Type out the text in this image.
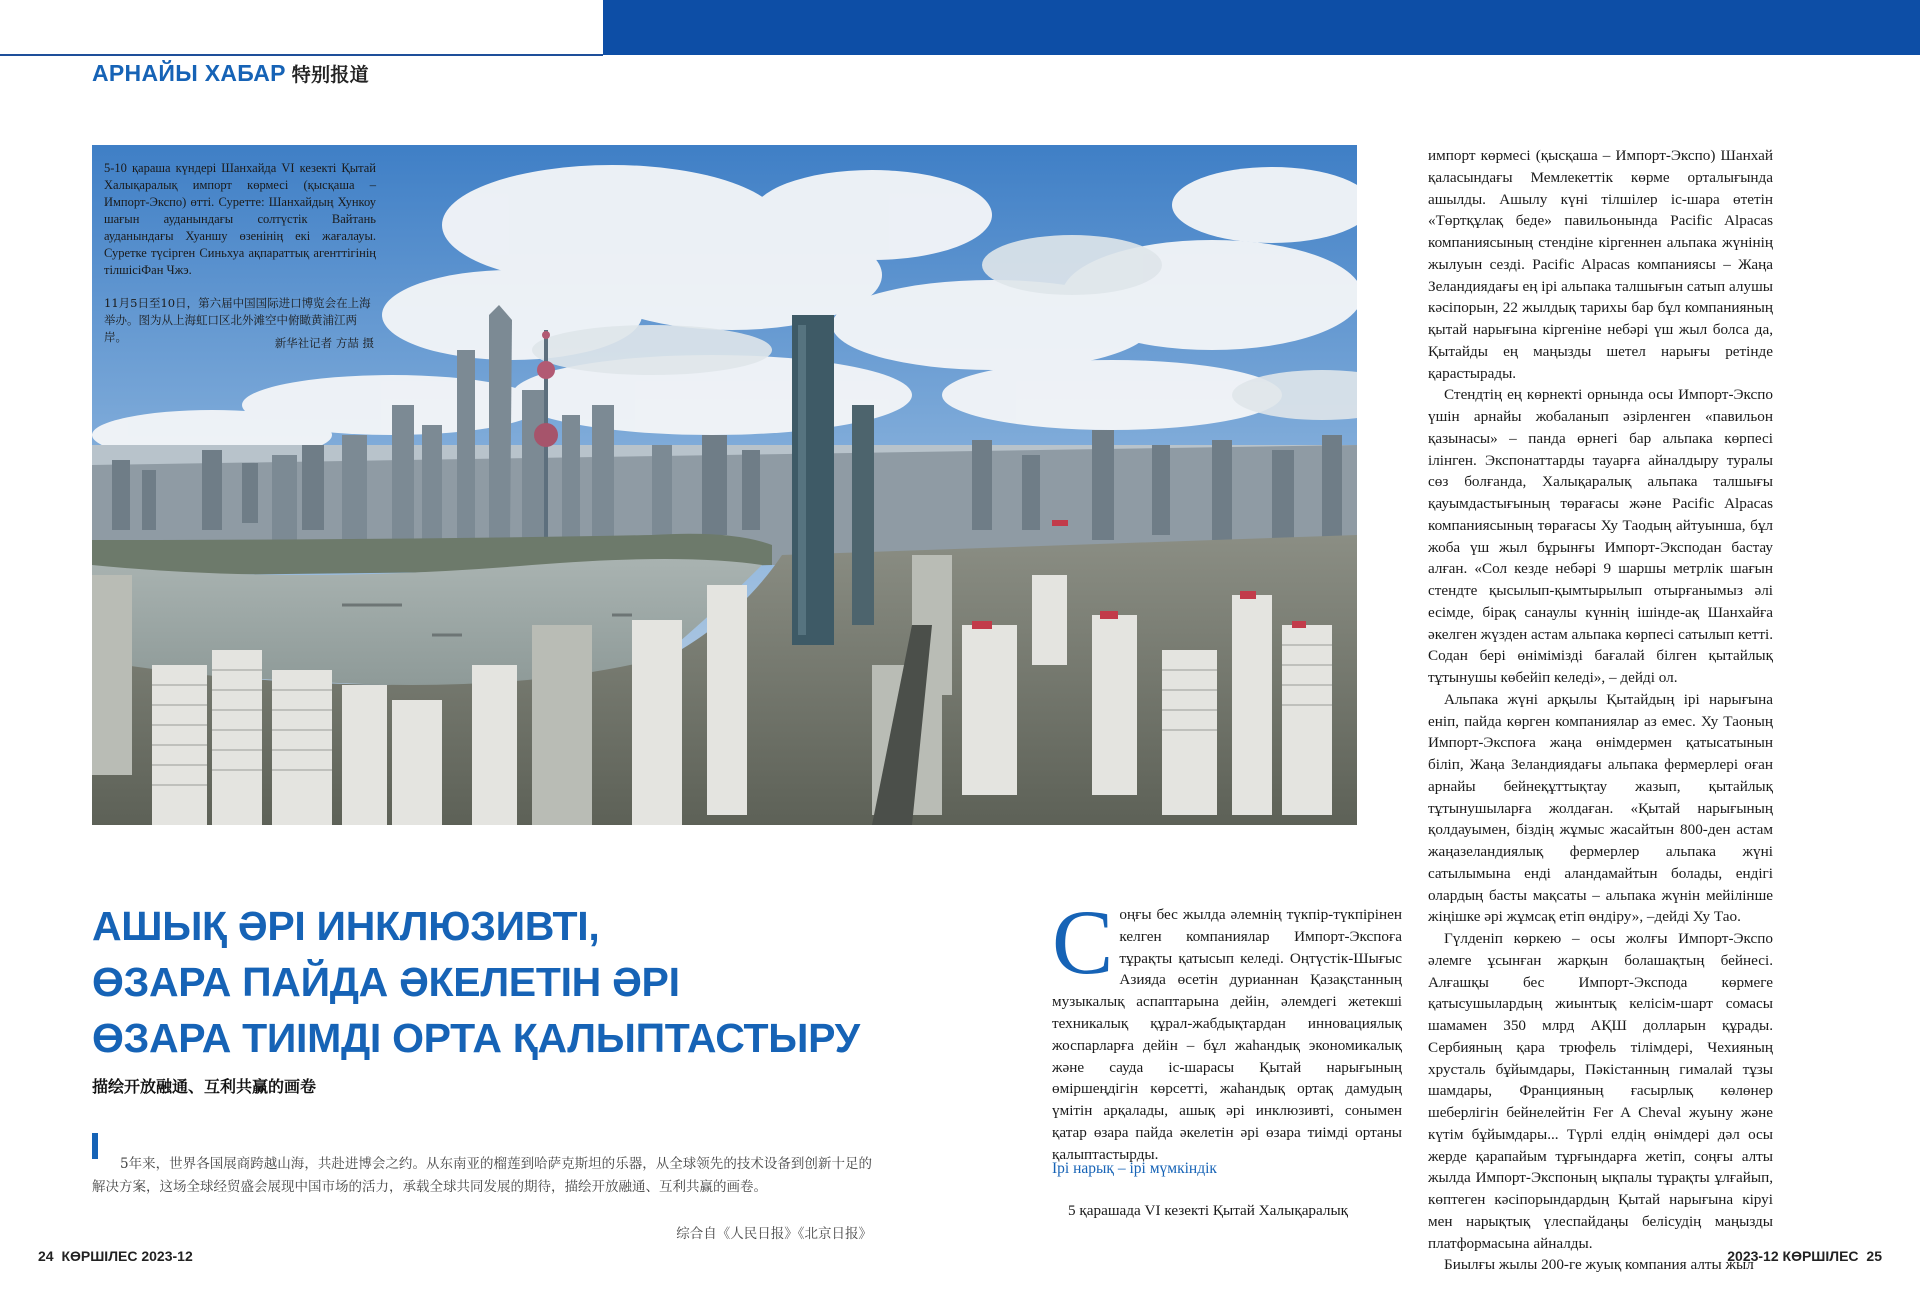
АРНАЙЫ ХАБАР 特别报道
5-10 қараша күндері Шанхайда VI кезекті Қытай Халықаралық импорт көрмесі (қысқаша – Импорт-Экспо) өтті. Суретте: Шанхайдың Хункоу шағын ауданындағы солтүстік Вайтань ауданындағы Хуаншу өзенінің екі жағалауы. Суретке түсірген Синьхуа ақпараттық агенттігінің тілшісіФан Чжэ.
11月5日至10日，第六届中国国际进口博览会在上海举办。图为从上海虹口区北外滩空中俯瞰黄浦江两岸。	新华社记者 方喆 摄
АШЫҚ ӘРІ ИНКЛЮЗИВТІ,
ӨЗАРА ПАЙДА ӘКЕЛЕТІН ӘРІ
ӨЗАРА ТИІМДІ ОРТА ҚАЛЫПТАСТЫРУ
描绘开放融通、互利共赢的画卷
5年来，世界各国展商跨越山海，共赴进博会之约。从东南亚的榴莲到哈萨克斯坦的乐器，从全球领先的技术设备到创新十足的解决方案，这场全球经贸盛会展现中国市场的活力，承载全球共同发展的期待，描绘开放融通、互利共赢的画卷。
综合自《人民日报》《北京日报》
С оңғы бес жылда әлемнің түкпір-түкпірінен келген компаниялар Импорт-Экспоға тұрақты қатысып келеді. Оңтүстік-Шығыс Азияда өсетін дурианнан Қазақстанның музыкалық аспаптарына дейін, әлемдегі жетекші техникалық құрал-жабдықтардан инновациялық жоспарларға дейін – бұл жаһандық экономикалық және сауда іс-шарасы Қытай нарығының өміршеңдігін көрсетті, жаһандық ортақ дамудың үмітін арқалады, ашық әрі инклюзивті, сонымен қатар өзара пайда әкелетін әрі өзара тиімді ортаны қалыптастырды.

Ірі нарық – ірі мүмкіндік
5 қарашада VI кезекті Қытай Халықаралық

импорт көрмесі (қысқаша – Импорт-Экспо) Шанхай қаласындағы Мемлекеттік көрме орталығында ашылды. Ашылу күні тілшілер іс-шара өтетін «Төртқұлақ беде» павильонында Pacific Alpacas компаниясының стендіне кіргеннен альпака жүнінің жылуын сезді. Pacific Alpacas компаниясы – Жаңа Зеландиядағы ең ірі альпака талшығын сатып алушы кәсіпорын, 22 жылдық тарихы бар бұл компанияның қытай нарығына кіргеніне небәрі үш жыл болса да, Қытайды ең маңызды шетел нарығы ретінде қарастырады.

Стендтің ең көрнекті орнында осы Импорт-Экспо үшін арнайы жобаланып әзірленген «павильон қазынасы» – панда өрнегі бар альпака көрпесі ілінген. Экспонаттарды тауарға айналдыру туралы сөз болғанда, Халықаралық альпака талшығы қауымдастығының төрағасы және Pacific Alpacas компаниясының төрағасы Ху Таодың айтуынша, бұл жоба үш жыл бұрынғы Импорт-Эксподан бастау алған. «Сол кезде небәрі 9 шаршы метрлік шағын стендте қысылып-қымтырылып отырғанымыз әлі есімде, бірақ санаулы күннің ішінде-ақ Шанхайға әкелген жүзден астам альпака көрпесі сатылып кетті. Содан бері өнімімізді бағалай білген қытайлық тұтынушы көбейіп келеді», – дейді ол.

Альпака жүні арқылы Қытайдың ірі нарығына еніп, пайда көрген компаниялар аз емес. Ху Таоның Импорт-Экспоға жаңа өнімдермен қатысатынын біліп, Жаңа Зеландиядағы альпака фермерлері оған арнайы бейнеқұттықтау жазып, қытайлық тұтынушыларға жолдаған. «Қытай нарығының қолдауымен, біздің жұмыс жасайтын 800-ден астам жаңазеландиялық фермерлер альпака жүні сатылымына енді аландамайтын болады, ендігі олардың басты мақсаты – альпака жүнін мейілінше жіңішке әрі жұмсақ етіп өндіру», –дейді Ху Тао.

Гүлденіп көркею – осы жолғы Импорт-Экспо әлемге ұсынған жарқын болашақтың бейнесі. Алғашқы бес Импорт-Экспода көрмеге қатысушылардың жиынтық келісім-шарт сомасы шамамен 350 млрд АҚШ долларын құрады. Сербияның қара трюфель тілімдері, Чехияның хрусталь бұйымдары, Пәкістанның гималай тұзы шамдары, Францияның ғасырлық көлөнер шеберлігін бейнелейтін Fer A Cheval жуыну және күтім бұйымдары... Түрлі елдің өнімдері дәл осы жерде қарапайым тұрғындарға жетіп, соңғы алты жылда Импорт-Экспоның ықпалы тұрақты ұлғайып, көптеген кәсіпорындардың Қытай нарығына кіруі мен нарықтық үлеспайдаңы белісудің маңызды платформасына айналды.

Биылғы жылы 200-ге жуық компания алты жыл

24 КӨРШІЛЕС 2023-12	2023-12 КӨРШІЛЕС 25
